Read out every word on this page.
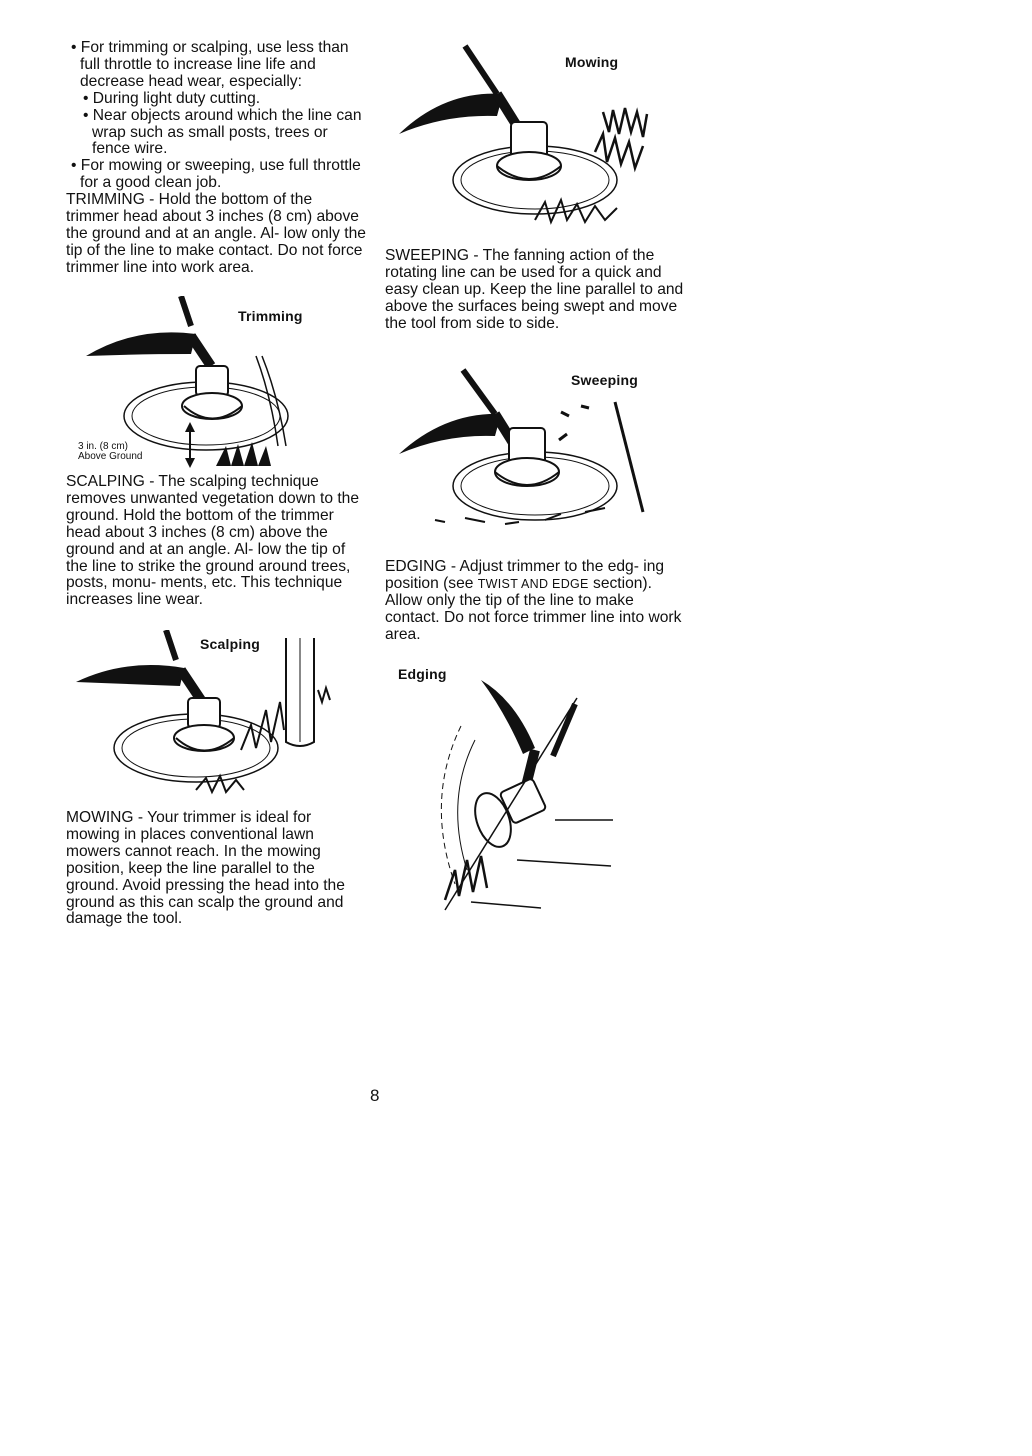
• For trimming or scalping, use less than full throttle to increase line life and decrease head wear, especially:

• During light duty cutting.

• Near objects around which the line can wrap such as small posts, trees or fence wire.

• For mowing or sweeping, use full throttle for a good clean job.

TRIMMING - Hold the bottom of the trimmer head about 3 inches (8 cm) above the ground and at an angle. Al- low only the tip of the line to make contact. Do not force trimmer line into work area.

Trimming
3 in. (8 cm)
Above Ground

SCALPING - The scalping technique removes unwanted vegetation down to the ground. Hold the bottom of the trimmer head about 3 inches (8 cm) above the ground and at an angle. Al- low the tip of the line to strike the ground around trees, posts, monu- ments, etc. This technique increases line wear.

Scalping

MOWING - Your trimmer is ideal for mowing in places conventional lawn mowers cannot reach. In the mowing position, keep the line parallel to the ground. Avoid pressing the head into the ground as this can scalp the ground and damage the tool.

Mowing

SWEEPING - The fanning action of the rotating line can be used for a quick and easy clean up. Keep the line parallel to and above the surfaces being swept and move the tool from side to side.

Sweeping

EDGING - Adjust trimmer to the edg- ing position (see TWIST AND EDGE section). Allow only the tip of the line to make contact. Do not force trimmer line into work area.

Edging
8
